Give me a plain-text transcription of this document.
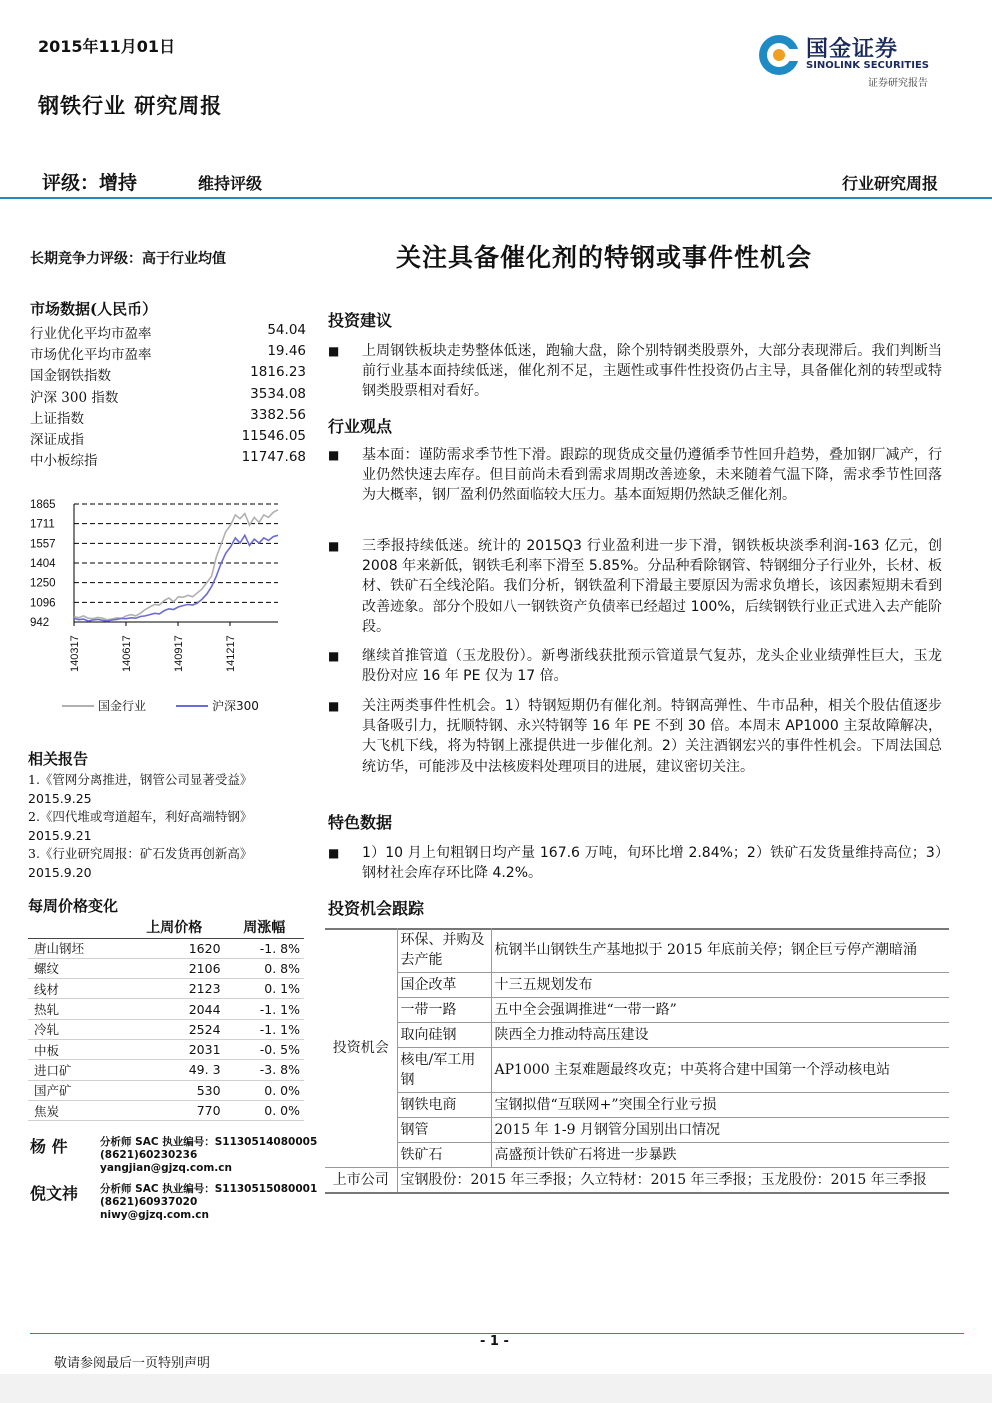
2015年11月01日	国金证券
SINOLINK SECURITIES
证券研究报告
钢铁行业 研究周报
评级：增持	维持评级	行业研究周报
长期竞争力评级：高于行业均值	关注具备催化剂的特钢或事件性机会
市场数据(人民币）
行业优化平均市盈率	54.04
市场优化平均市盈率	19.46
国金钢铁指数	1816.23
沪深 300 指数	3534.08
上证指数	3382.56
深证成指	11546.05
中小板综指	11747.68
1865
1711
1557
1404
1250
1096
942
140317	140617	140917	141217
国金行业	沪深300
相关报告
1.《管网分离推进，钢管公司显著受益》
2015.9.25
2.《四代堆或弯道超车，利好高端特钢》
2015.9.21
3.《行业研究周报：矿石发货再创新高》
2015.9.20
每周价格变化
	上周价格	周涨幅
唐山钢坯	1620	-1. 8%
螺纹	2106	0. 8%
线材	2123	0. 1%
热轧	2044	-1. 1%
冷轧	2524	-1. 1%
中板	2031	-0. 5%
进口矿	49. 3	-3. 8%
国产矿	530	0. 0%
焦炭	770	0. 0%
杨 件	分析师 SAC 执业编号：S1130514080005
(8621)60230236
yangjian@gjzq.com.cn
倪文祎 分析师 SAC 执业编号：S1130515080001
(8621)60937020
niwy@gjzq.com.cn
投资建议
■ 上周钢铁板块走势整体低迷，跑输大盘，除个别特钢类股票外，大部分表现滞后。我们判断当前行业基本面持续低迷，催化剂不足，主题性或事件性投资仍占主导，具备催化剂的转型或特钢类股票相对看好。
行业观点
■ 基本面：谨防需求季节性下滑。跟踪的现货成交量仍遵循季节性回升趋势，叠加钢厂减产，行业仍然快速去库存。但目前尚未看到需求周期改善迹象，未来随着气温下降，需求季节性回落为大概率，钢厂盈利仍然面临较大压力。基本面短期仍然缺乏催化剂。
■ 三季报持续低迷。统计的 2015Q3 行业盈利进一步下滑，钢铁板块淡季利润-163 亿元，创 2008 年来新低，钢铁毛利率下滑至 5.85%。分品种看除钢管、特钢细分子行业外，长材、板材、铁矿石全线沦陷。我们分析，钢铁盈利下滑最主要原因为需求负增长，该因素短期未看到改善迹象。部分个股如八一钢铁资产负债率已经超过 100%，后续钢铁行业正式进入去产能阶段。
■ 继续首推管道（玉龙股份）。新粤浙线获批预示管道景气复苏，龙头企业业绩弹性巨大，玉龙股份对应 16 年 PE 仅为 17 倍。
■ 关注两类事件性机会。1）特钢短期仍有催化剂。特钢高弹性、牛市品种，相关个股估值逐步具备吸引力，抚顺特钢、永兴特钢等 16 年 PE 不到 30 倍。本周末 AP1000 主泵故障解决，大飞机下线，将为特钢上涨提供进一步催化剂。2）关注酒钢宏兴的事件性机会。下周法国总统访华，可能涉及中法核废料处理项目的进展，建议密切关注。
特色数据
■ 1）10 月上旬粗钢日均产量 167.6 万吨，旬环比增 2.84%；2）铁矿石发货量维持高位；3）钢材社会库存环比降 4.2%。
投资机会跟踪
投资机会	环保、并购及去产能	杭钢半山钢铁生产基地拟于 2015 年底前关停；钢企巨亏停产潮暗涌
	国企改革	十三五规划发布
	一带一路	五中全会强调推进“一带一路”
	取向硅钢	陕西全力推动特高压建设
	核电/军工用钢	AP1000 主泵难题最终攻克；中英将合建中国第一个浮动核电站
	钢铁电商	宝钢拟借“互联网+”突围全行业亏损
	钢管	2015 年 1-9 月钢管分国别出口情况
	铁矿石	高盛预计铁矿石将进一步暴跌
上市公司	宝钢股份：2015 年三季报；久立特材：2015 年三季报；玉龙股份：2015 年三季报	
- 1 -
敬请参阅最后一页特别声明
